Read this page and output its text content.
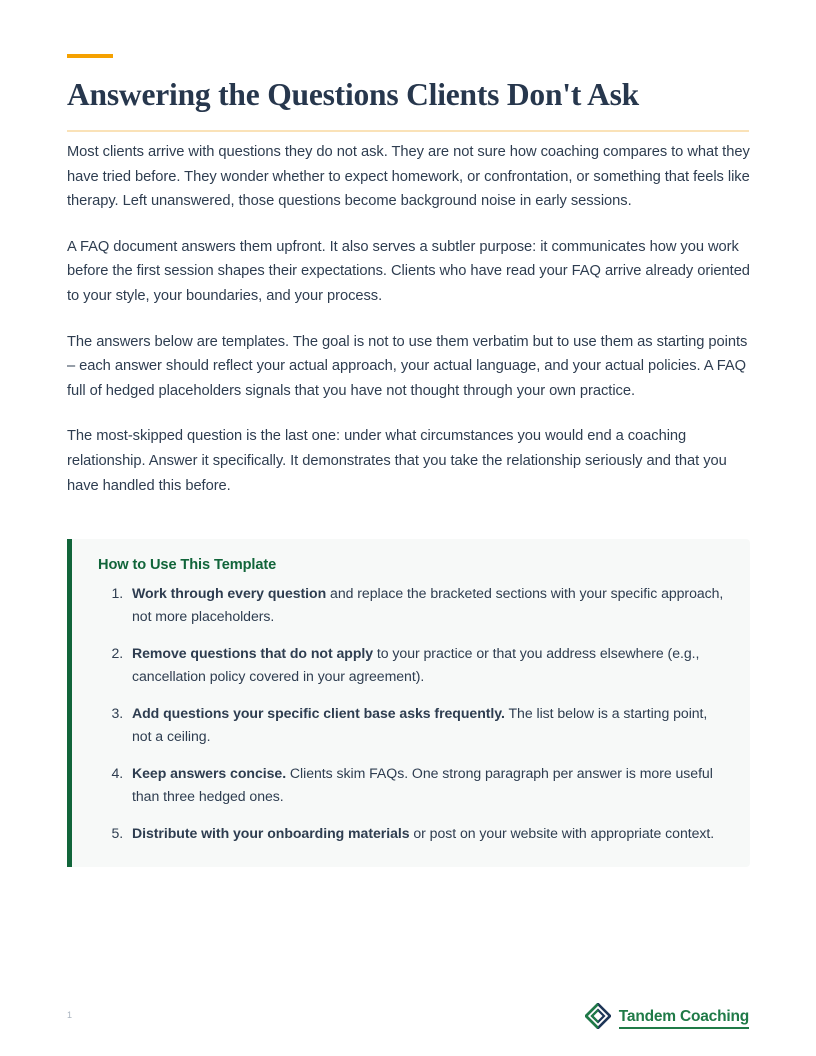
Answering the Questions Clients Don't Ask

Most clients arrive with questions they do not ask. They are not sure how coaching compares to what they have tried before. They wonder whether to expect homework, or confrontation, or something that feels like therapy. Left unanswered, those questions become background noise in early sessions.

A FAQ document answers them upfront. It also serves a subtler purpose: it communicates how you work before the first session shapes their expectations. Clients who have read your FAQ arrive already oriented to your style, your boundaries, and your process.

The answers below are templates. The goal is not to use them verbatim but to use them as starting points – each answer should reflect your actual approach, your actual language, and your actual policies. A FAQ full of hedged placeholders signals that you have not thought through your own practice.

The most-skipped question is the last one: under what circumstances you would end a coaching relationship. Answer it specifically. It demonstrates that you take the relationship seriously and that you have handled this before.

How to Use This Template
1. Work through every question and replace the bracketed sections with your specific approach, not more placeholders.
2. Remove questions that do not apply to your practice or that you address elsewhere (e.g., cancellation policy covered in your agreement).
3. Add questions your specific client base asks frequently. The list below is a starting point, not a ceiling.
4. Keep answers concise. Clients skim FAQs. One strong paragraph per answer is more useful than three hedged ones.
5. Distribute with your onboarding materials or post on your website with appropriate context.
1	Tandem Coaching
